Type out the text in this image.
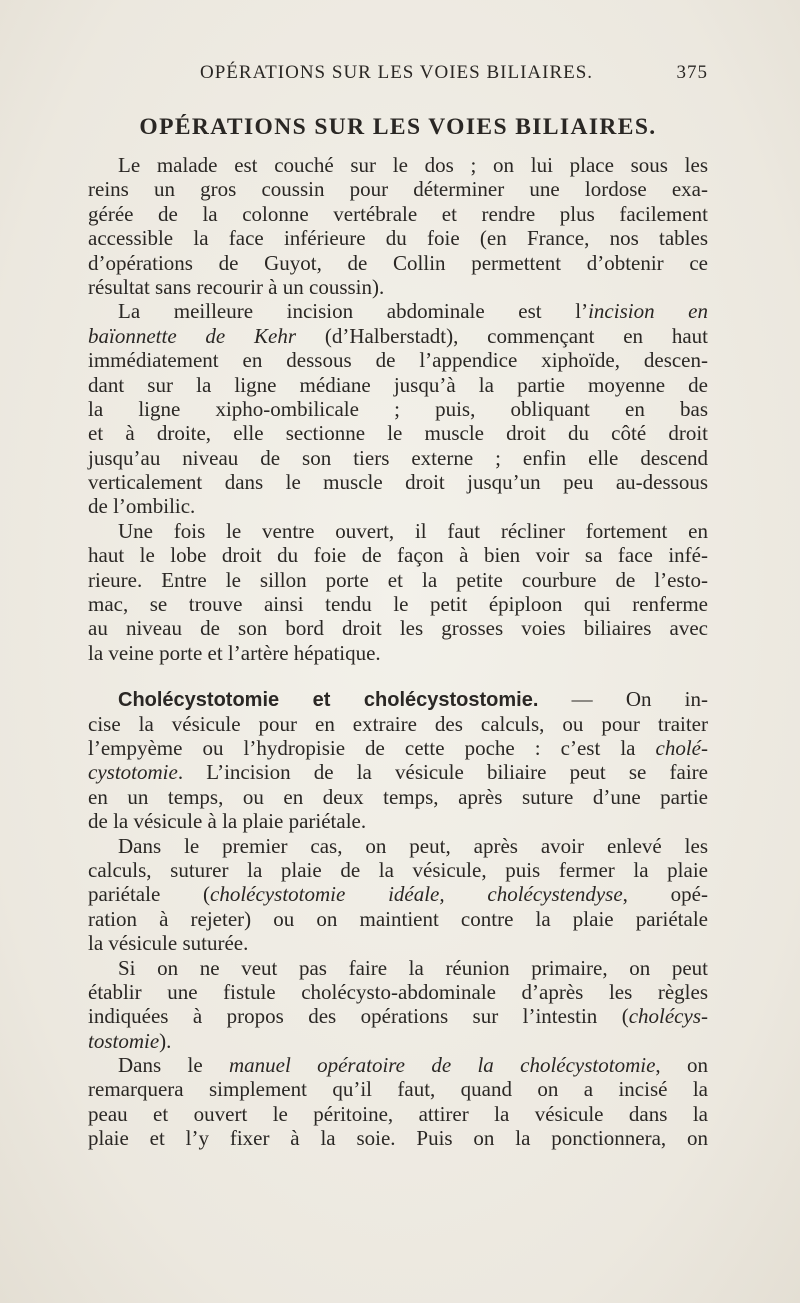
OPÉRATIONS SUR LES VOIES BILIAIRES.	375
OPÉRATIONS SUR LES VOIES BILIAIRES.
Le malade est couché sur le dos ; on lui place sous les
reins un gros coussin pour déterminer une lordose exa-
gérée de la colonne vertébrale et rendre plus facilement
accessible la face inférieure du foie (en France, nos tables
d’opérations de Guyot, de Collin permettent d’obtenir ce
résultat sans recourir à un coussin).
La meilleure incision abdominale est l’incision en
baïonnette de Kehr (d’Halberstadt), commençant en haut
immédiatement en dessous de l’appendice xiphoïde, descen-
dant sur la ligne médiane jusqu’à la partie moyenne de
la ligne xipho-ombilicale ; puis, obliquant en bas
et à droite, elle sectionne le muscle droit du côté droit
jusqu’au niveau de son tiers externe ; enfin elle descend
verticalement dans le muscle droit jusqu’un peu au-dessous
de l’ombilic.
Une fois le ventre ouvert, il faut récliner fortement en
haut le lobe droit du foie de façon à bien voir sa face infé-
rieure. Entre le sillon porte et la petite courbure de l’esto-
mac, se trouve ainsi tendu le petit épiploon qui renferme
au niveau de son bord droit les grosses voies biliaires avec
la veine porte et l’artère hépatique.
Cholécystotomie et cholécystostomie. — On in-
cise la vésicule pour en extraire des calculs, ou pour traiter
l’empyème ou l’hydropisie de cette poche : c’est la cholé-
cystotomie. L’incision de la vésicule biliaire peut se faire
en un temps, ou en deux temps, après suture d’une partie
de la vésicule à la plaie pariétale.
Dans le premier cas, on peut, après avoir enlevé les
calculs, suturer la plaie de la vésicule, puis fermer la plaie
pariétale (cholécystotomie idéale, cholécystendyse, opé-
ration à rejeter) ou on maintient contre la plaie pariétale
la vésicule suturée.
Si on ne veut pas faire la réunion primaire, on peut
établir une fistule cholécysto-abdominale d’après les règles
indiquées à propos des opérations sur l’intestin (cholécys-
tostomie).
Dans le manuel opératoire de la cholécystotomie, on
remarquera simplement qu’il faut, quand on a incisé la
peau et ouvert le péritoine, attirer la vésicule dans la
plaie et l’y fixer à la soie. Puis on la ponctionnera, on
